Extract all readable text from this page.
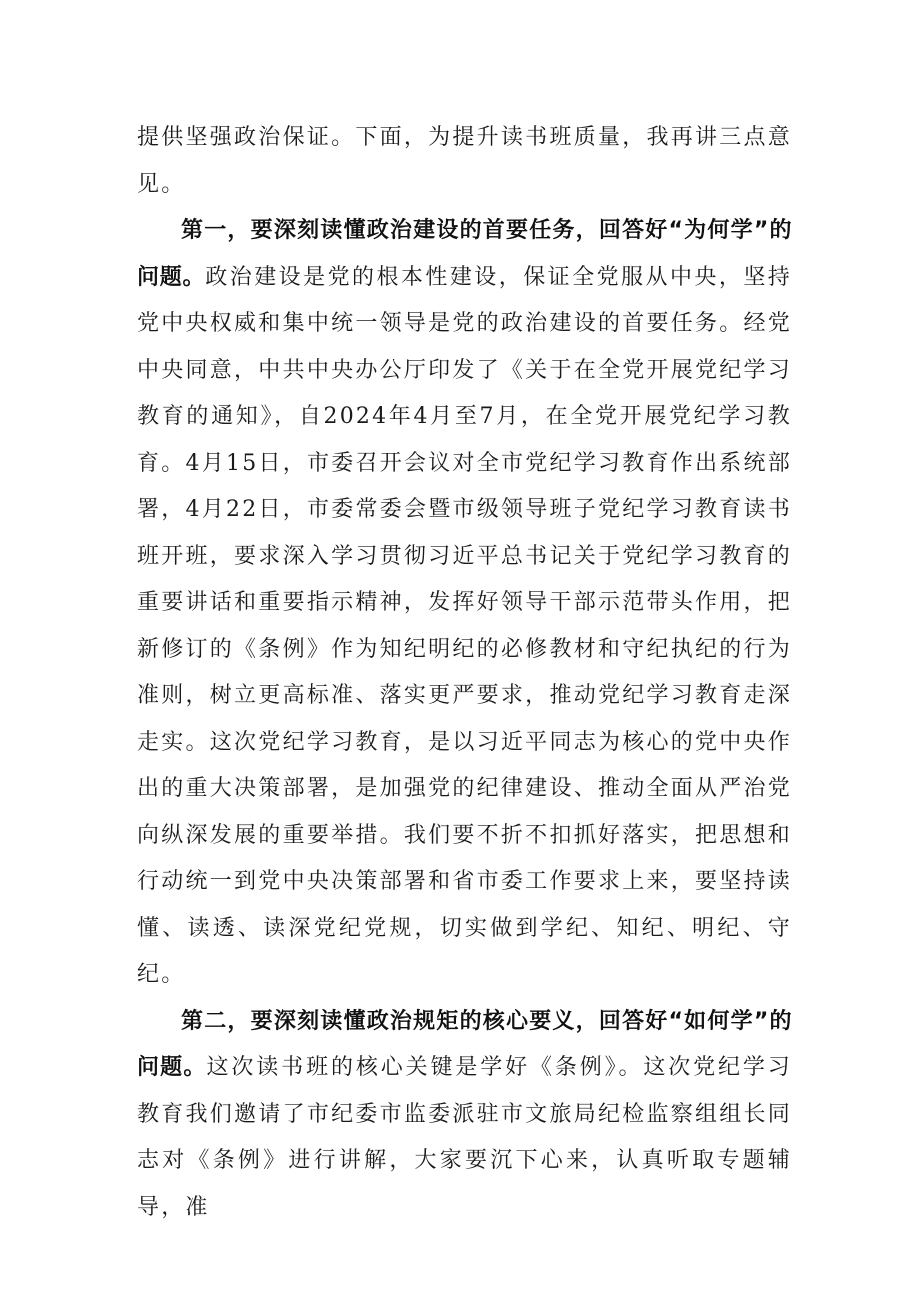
提供坚强政治保证。下面，为提升读书班质量，我再讲三点意见。

第一，要深刻读懂政治建设的首要任务，回答好“为何学”的问题。政治建设是党的根本性建设，保证全党服从中央，坚持党中央权威和集中统一领导是党的政治建设的首要任务。经党中央同意，中共中央办公厅印发了《关于在全党开展党纪学习教育的通知》，自2024年4月至7月，在全党开展党纪学习教育。4月15日，市委召开会议对全市党纪学习教育作出系统部署，4月22日，市委常委会暨市级领导班子党纪学习教育读书班开班，要求深入学习贯彻习近平总书记关于党纪学习教育的重要讲话和重要指示精神，发挥好领导干部示范带头作用，把新修订的《条例》作为知纪明纪的必修教材和守纪执纪的行为准则，树立更高标准、落实更严要求，推动党纪学习教育走深走实。这次党纪学习教育，是以习近平同志为核心的党中央作出的重大决策部署，是加强党的纪律建设、推动全面从严治党向纵深发展的重要举措。我们要不折不扣抓好落实，把思想和行动统一到党中央决策部署和省市委工作要求上来，要坚持读懂、读透、读深党纪党规，切实做到学纪、知纪、明纪、守纪。

第二，要深刻读懂政治规矩的核心要义，回答好“如何学”的问题。这次读书班的核心关键是学好《条例》。这次党纪学习教育我们邀请了市纪委市监委派驻市文旅局纪检监察组组长同志对《条例》进行讲解，大家要沉下心来，认真听取专题辅导，准
